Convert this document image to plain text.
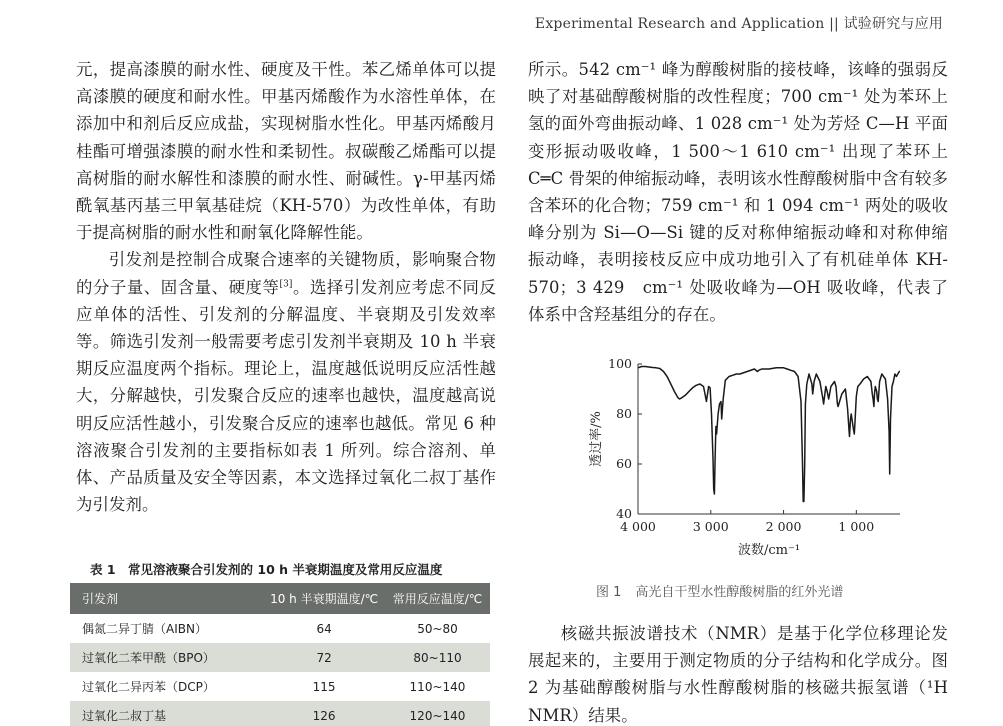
Experimental Research and Application || 试验研究与应用

元，提高漆膜的耐水性、硬度及干性。苯乙烯单体可以提高漆膜的硬度和耐水性。甲基丙烯酸作为水溶性单体，在添加中和剂后反应成盐，实现树脂水性化。甲基丙烯酸月桂酯可增强漆膜的耐水性和柔韧性。叔碳酸乙烯酯可以提高树脂的耐水解性和漆膜的耐水性、耐碱性。γ-甲基丙烯酰氧基丙基三甲氧基硅烷（KH-570）为改性单体，有助于提高树脂的耐水性和耐氧化降解性能。

引发剂是控制合成聚合速率的关键物质，影响聚合物的分子量、固含量、硬度等[3]。选择引发剂应考虑不同反应单体的活性、引发剂的分解温度、半衰期及引发效率等。筛选引发剂一般需要考虑引发剂半衰期及 10 h 半衰期反应温度两个指标。理论上，温度越低说明反应活性越大，分解越快，引发聚合反应的速率也越快，温度越高说明反应活性越小，引发聚合反应的速率也越低。常见 6 种溶液聚合引发剂的主要指标如表 1 所列。综合溶剂、单体、产品质量及安全等因素，本文选择过氧化二叔丁基作为引发剂。

表 1　常见溶液聚合引发剂的 10 h 半衰期温度及常用反应温度
引发剂	10 h 半衰期温度/℃	常用反应温度/℃
偶氮二异丁腈（AIBN）	64	50~80
过氧化二苯甲酰（BPO）	72	80~110
过氧化二异丙苯（DCP）	115	110~140
过氧化二叔丁基	126	120~140

所示。542 cm⁻¹ 峰为醇酸树脂的接枝峰，该峰的强弱反映了对基础醇酸树脂的改性程度；700 cm⁻¹ 处为苯环上氢的面外弯曲振动峰、1 028 cm⁻¹ 处为芳烃 C—H 平面变形振动吸收峰，1 500～1 610 cm⁻¹ 出现了苯环上 C═C 骨架的伸缩振动峰，表明该水性醇酸树脂中含有较多含苯环的化合物；759 cm⁻¹ 和 1 094 cm⁻¹ 两处的吸收峰分别为 Si—O—Si 键的反对称伸缩振动峰和对称伸缩振动峰，表明接枝反应中成功地引入了有机硅单体 KH-570；3 429　cm⁻¹ 处吸收峰为—OH 吸收峰，代表了体系中含羟基组分的存在。

40
60
80
100
4 000	3 000	2 000	1 000
波数/cm⁻¹
透过率/%
图 1 高光自干型水性醇酸树脂的红外光谱

核磁共振波谱技术（NMR）是基于化学位移理论发展起来的，主要用于测定物质的分子结构和化学成分。图 2 为基础醇酸树脂与水性醇酸树脂的核磁共振氢谱（¹H NMR）结果。
